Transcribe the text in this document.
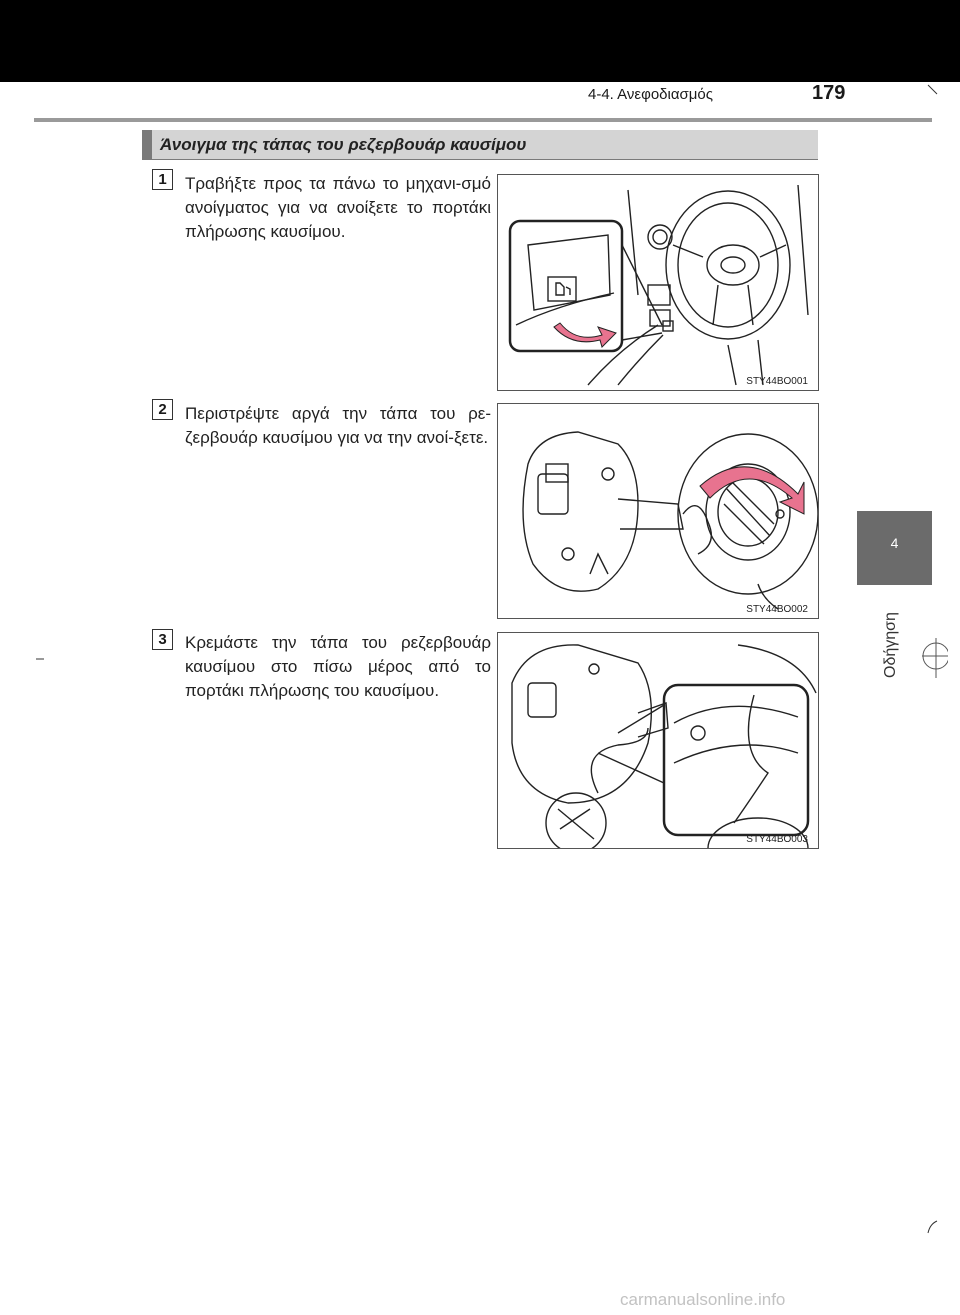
4-4. Ανεφοδιασμός	179
Άνοιγμα της τάπας του ρεζερβουάρ καυσίμου
1	Τραβήξτε προς τα πάνω το μηχανι-σμό ανοίγματος για να ανοίξετε το πορτάκι πλήρωσης καυσίμου.
STY44BO001
2	Περιστρέψτε αργά την τάπα του ρε-ζερβουάρ καυσίμου για να την ανοί-ξετε.
STY44BO002
3	Κρεμάστε την τάπα του ρεζερβουάρ καυσίμου στο πίσω μέρος από το πορτάκι πλήρωσης του καυσίμου.
STY44BO003
4
Οδήγηση
carmanualsonline.info
